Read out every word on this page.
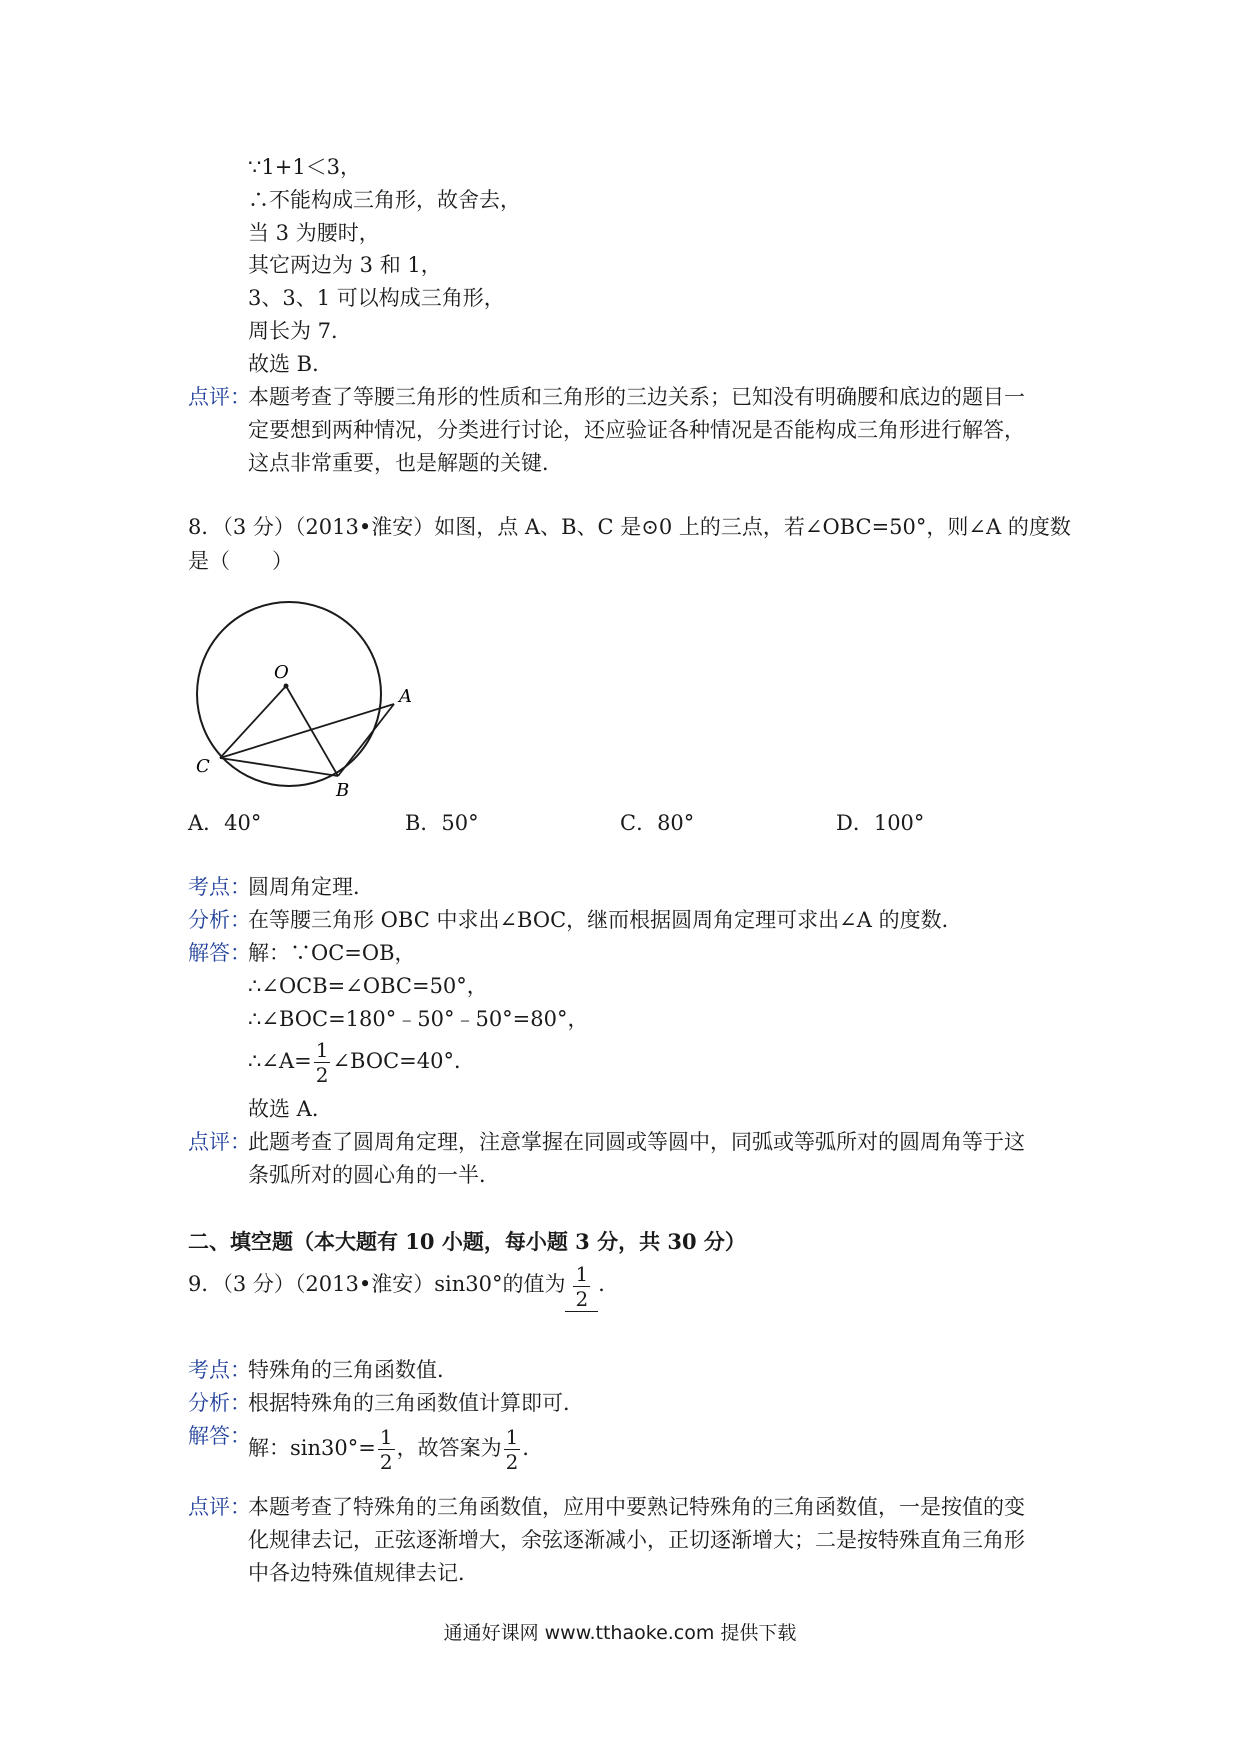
∵1+1＜3，
∴不能构成三角形，故舍去，
当 3 为腰时，
其它两边为 3 和 1，
3、3、1 可以构成三角形，
周长为 7．
故选 B．
点评：
本题考查了等腰三角形的性质和三角形的三边关系；已知没有明确腰和底边的题目一
定要想到两种情况，分类进行讨论，还应验证各种情况是否能构成三角形进行解答，
这点非常重要，也是解题的关键．
8．（3 分）（2013•淮安）如图，点 A、B、C 是⊙0 上的三点，若∠OBC=50°，则∠A 的度数
是（　　）
O
A
C
B
A．40°	B．50°	C．80°	D．100°
考点：
圆周角定理．
分析：
在等腰三角形 OBC 中求出∠BOC，继而根据圆周角定理可求出∠A 的度数．
解答：
解：∵OC=OB，
∴∠OCB=∠OBC=50°，
∴∠BOC=180°﹣50°﹣50°=80°，
∴∠A= $\frac{1}{2}$ ∠BOC=40°．
故选 A．
点评：
此题考查了圆周角定理，注意掌握在同圆或等圆中，同弧或等弧所对的圆周角等于这
条弧所对的圆心角的一半．
二、填空题（本大题有 10 小题，每小题 3 分，共 30 分）
9．（3 分）（2013•淮安）sin30°的值为 $\frac{1}{2}$ ．
考点：
特殊角的三角函数值．
分析：
根据特殊角的三角函数值计算即可．
解答：
解：$\sin 30^\circ= \frac{1}{2}$ ，故答案为 $\frac{1}{2}$ ．
点评：
本题考查了特殊角的三角函数值，应用中要熟记特殊角的三角函数值，一是按值的变
化规律去记，正弦逐渐增大，余弦逐渐减小，正切逐渐增大；二是按特殊直角三角形
中各边特殊值规律去记．
通通好课网 www.tthaoke.com 提供下载
